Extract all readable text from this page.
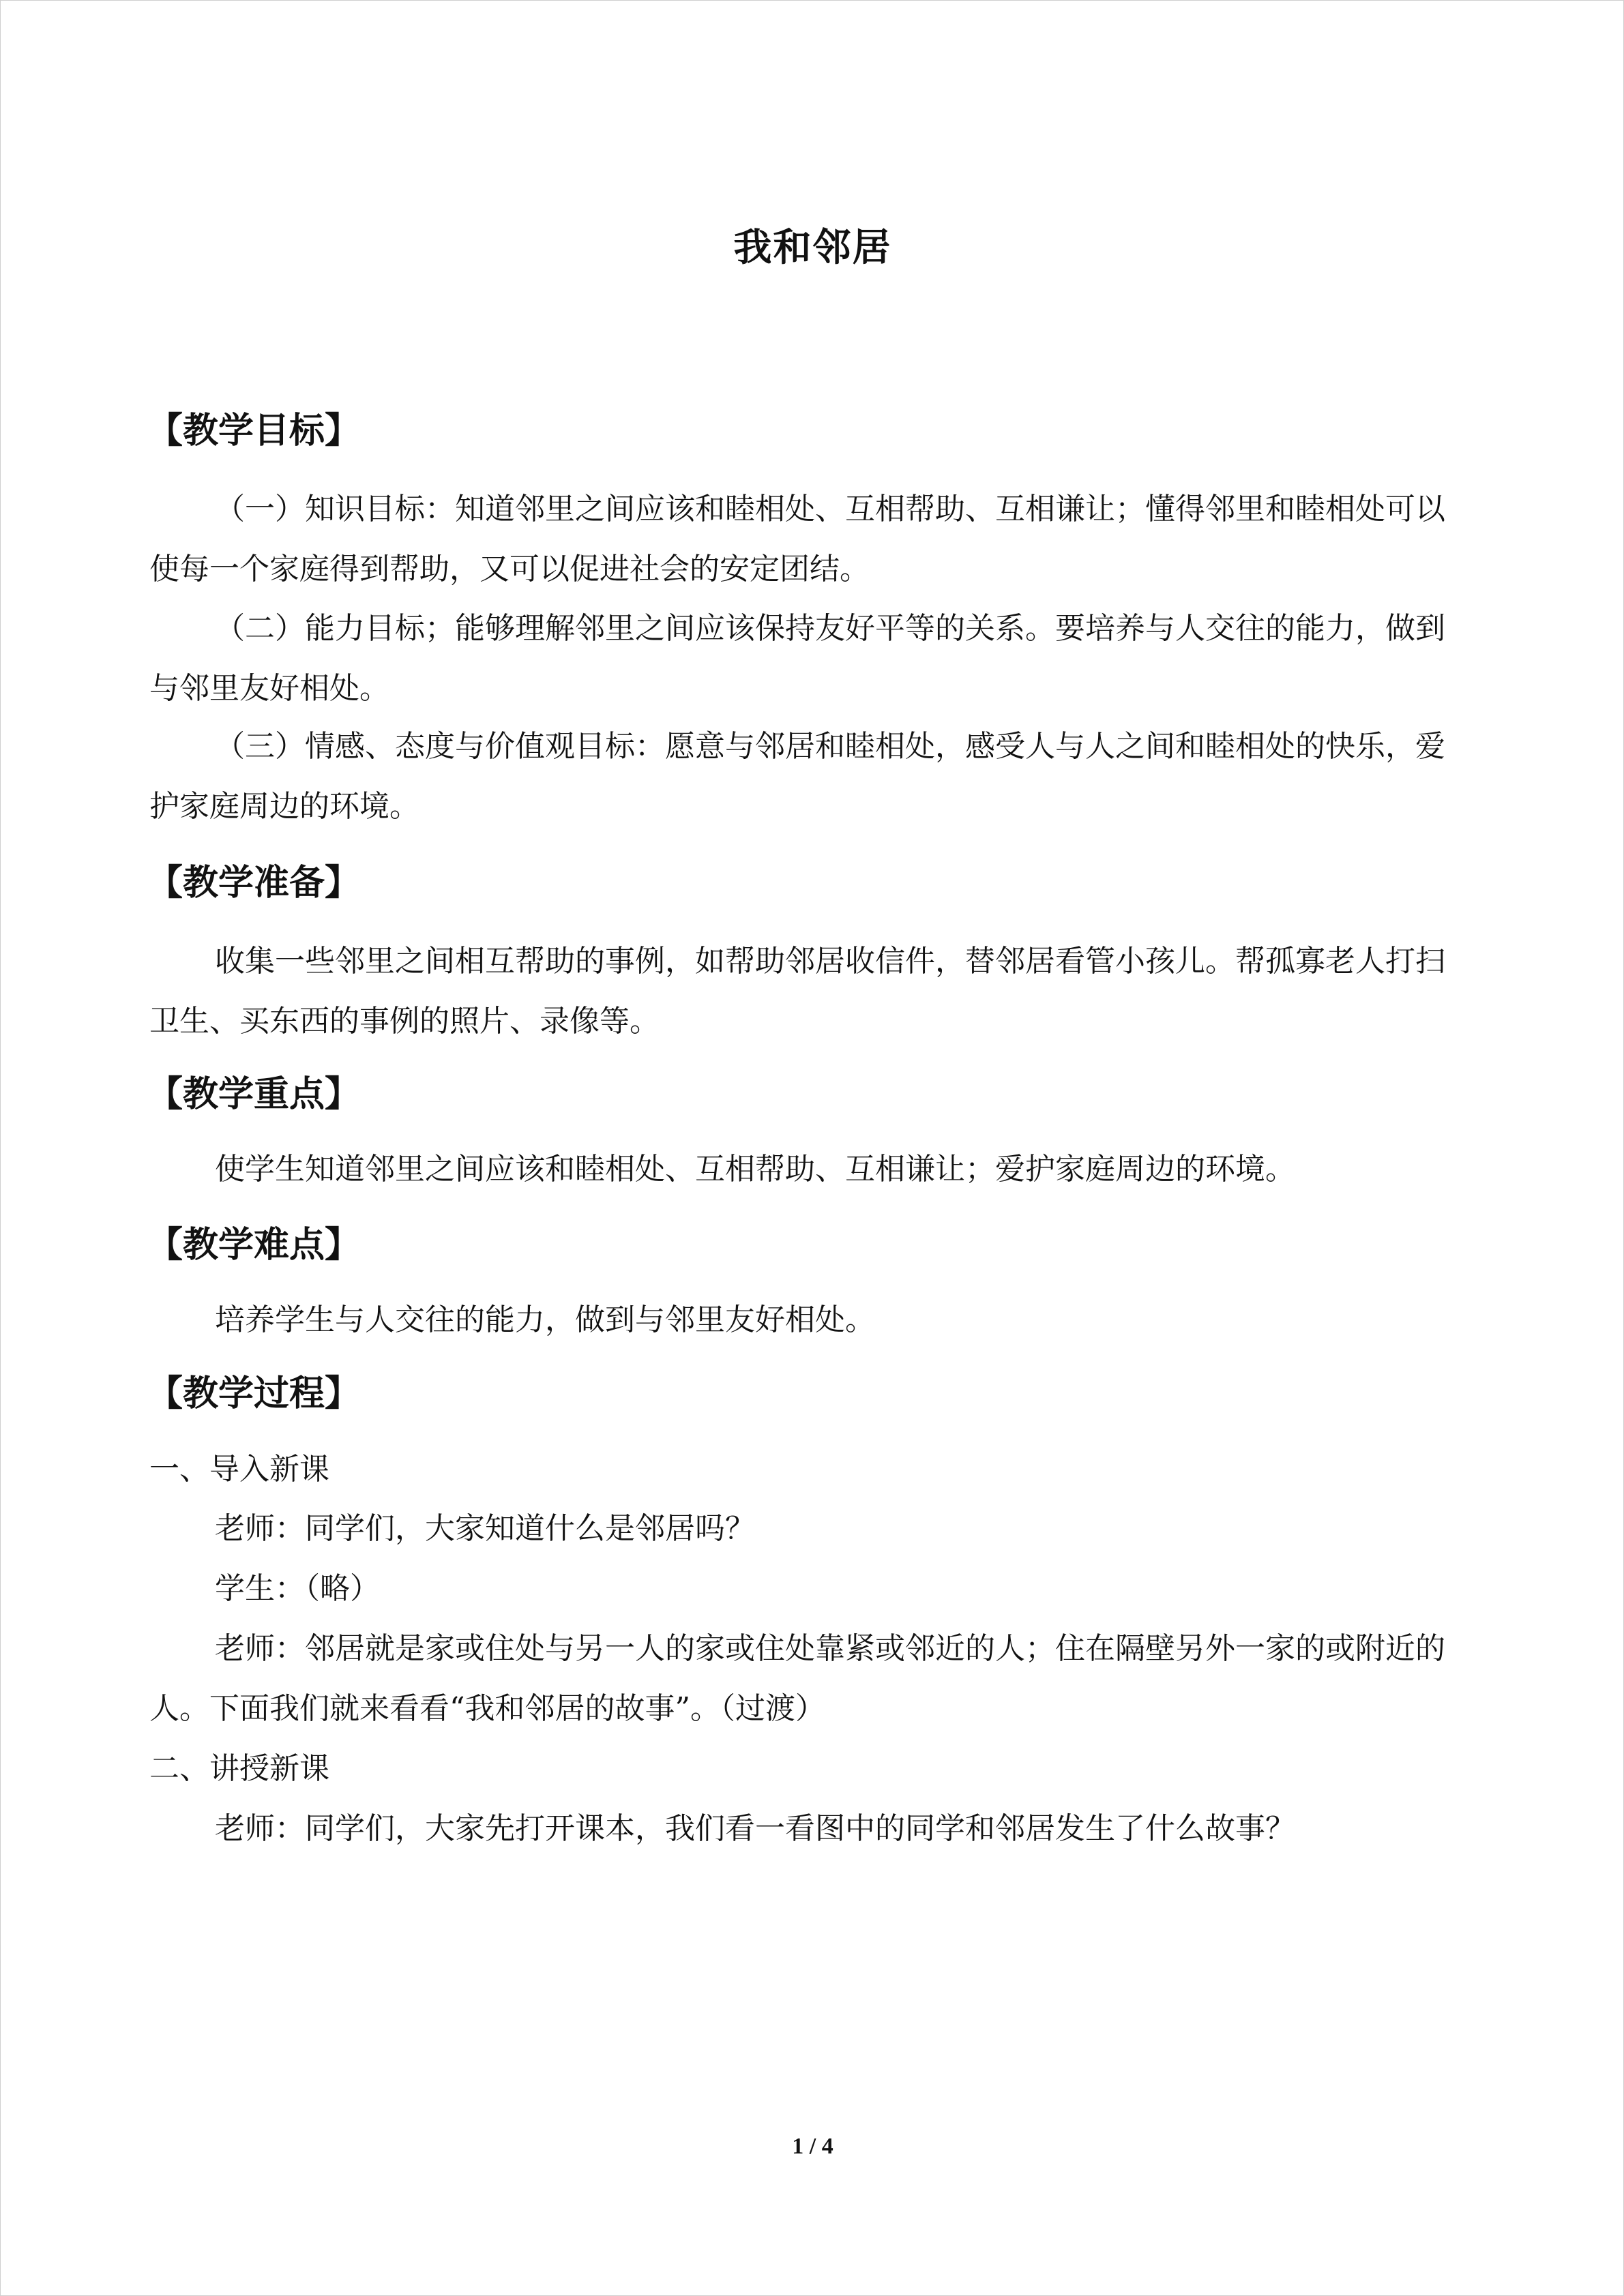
我和邻居
【教学目标】

（一）知识目标：知道邻里之间应该和睦相处、互相帮助、互相谦让；懂得邻里和睦相处可以使每一个家庭得到帮助，又可以促进社会的安定团结。

（二）能力目标；能够理解邻里之间应该保持友好平等的关系。要培养与人交往的能力，做到与邻里友好相处。

（三）情感、态度与价值观目标：愿意与邻居和睦相处，感受人与人之间和睦相处的快乐，爱护家庭周边的环境。

【教学准备】

收集一些邻里之间相互帮助的事例，如帮助邻居收信件，替邻居看管小孩儿。帮孤寡老人打扫卫生、买东西的事例的照片、录像等。

【教学重点】

使学生知道邻里之间应该和睦相处、互相帮助、互相谦让；爱护家庭周边的环境。

【教学难点】

培养学生与人交往的能力，做到与邻里友好相处。

【教学过程】

一、导入新课

老师：同学们，大家知道什么是邻居吗？

学生：（略）

老师：邻居就是家或住处与另一人的家或住处靠紧或邻近的人；住在隔壁另外一家的或附近的人。下面我们就来看看“我和邻居的故事”。（过渡）

二、讲授新课

老师：同学们，大家先打开课本，我们看一看图中的同学和邻居发生了什么故事？

1 / 4
